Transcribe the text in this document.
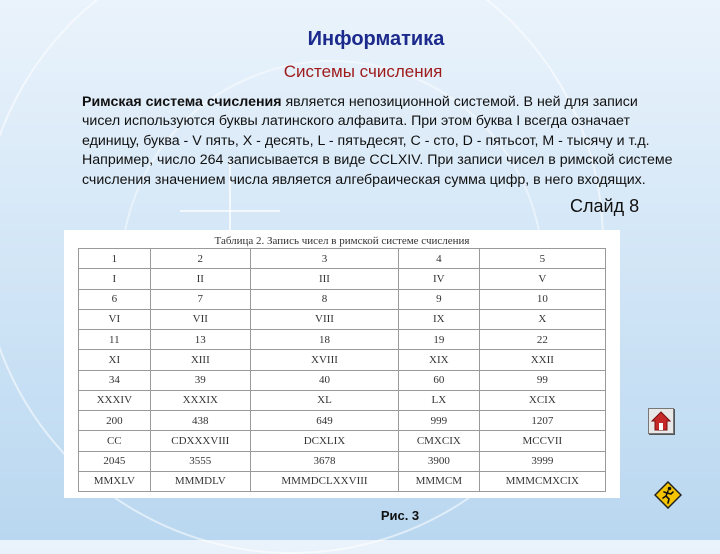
Информатика
Системы счисления
Римская система счисления является непозиционной системой. В ней для записи чисел используются буквы латинского алфавита. При этом буква I всегда означает единицу, буква - V пять, X - десять, L - пятьдесят, C - сто, D - пятьсот, M - тысячу и т.д. Например, число 264 записывается в виде CCLXIV. При записи чисел в римской системе счисления значением числа является алгебраическая сумма цифр, в него входящих.
Слайд 8
Таблица 2. Запись чисел в римской системе счисления
1	2	3	4	5
I	II	III	IV	V
6	7	8	9	10
VI	VII	VIII	IX	X
11	13	18	19	22
XI	XIII	XVIII	XIX	XXII
34	39	40	60	99
XXXIV	XXXIX	XL	LX	XCIX
200	438	649	999	1207
CC	CDXXXVIII	DCXLIX	CMXCIX	MCCVII
2045	3555	3678	3900	3999
MMXLV	MMMDLV	MMMDCLXXVIII	MMMCM	MMMCMXCIX
Рис. 3
